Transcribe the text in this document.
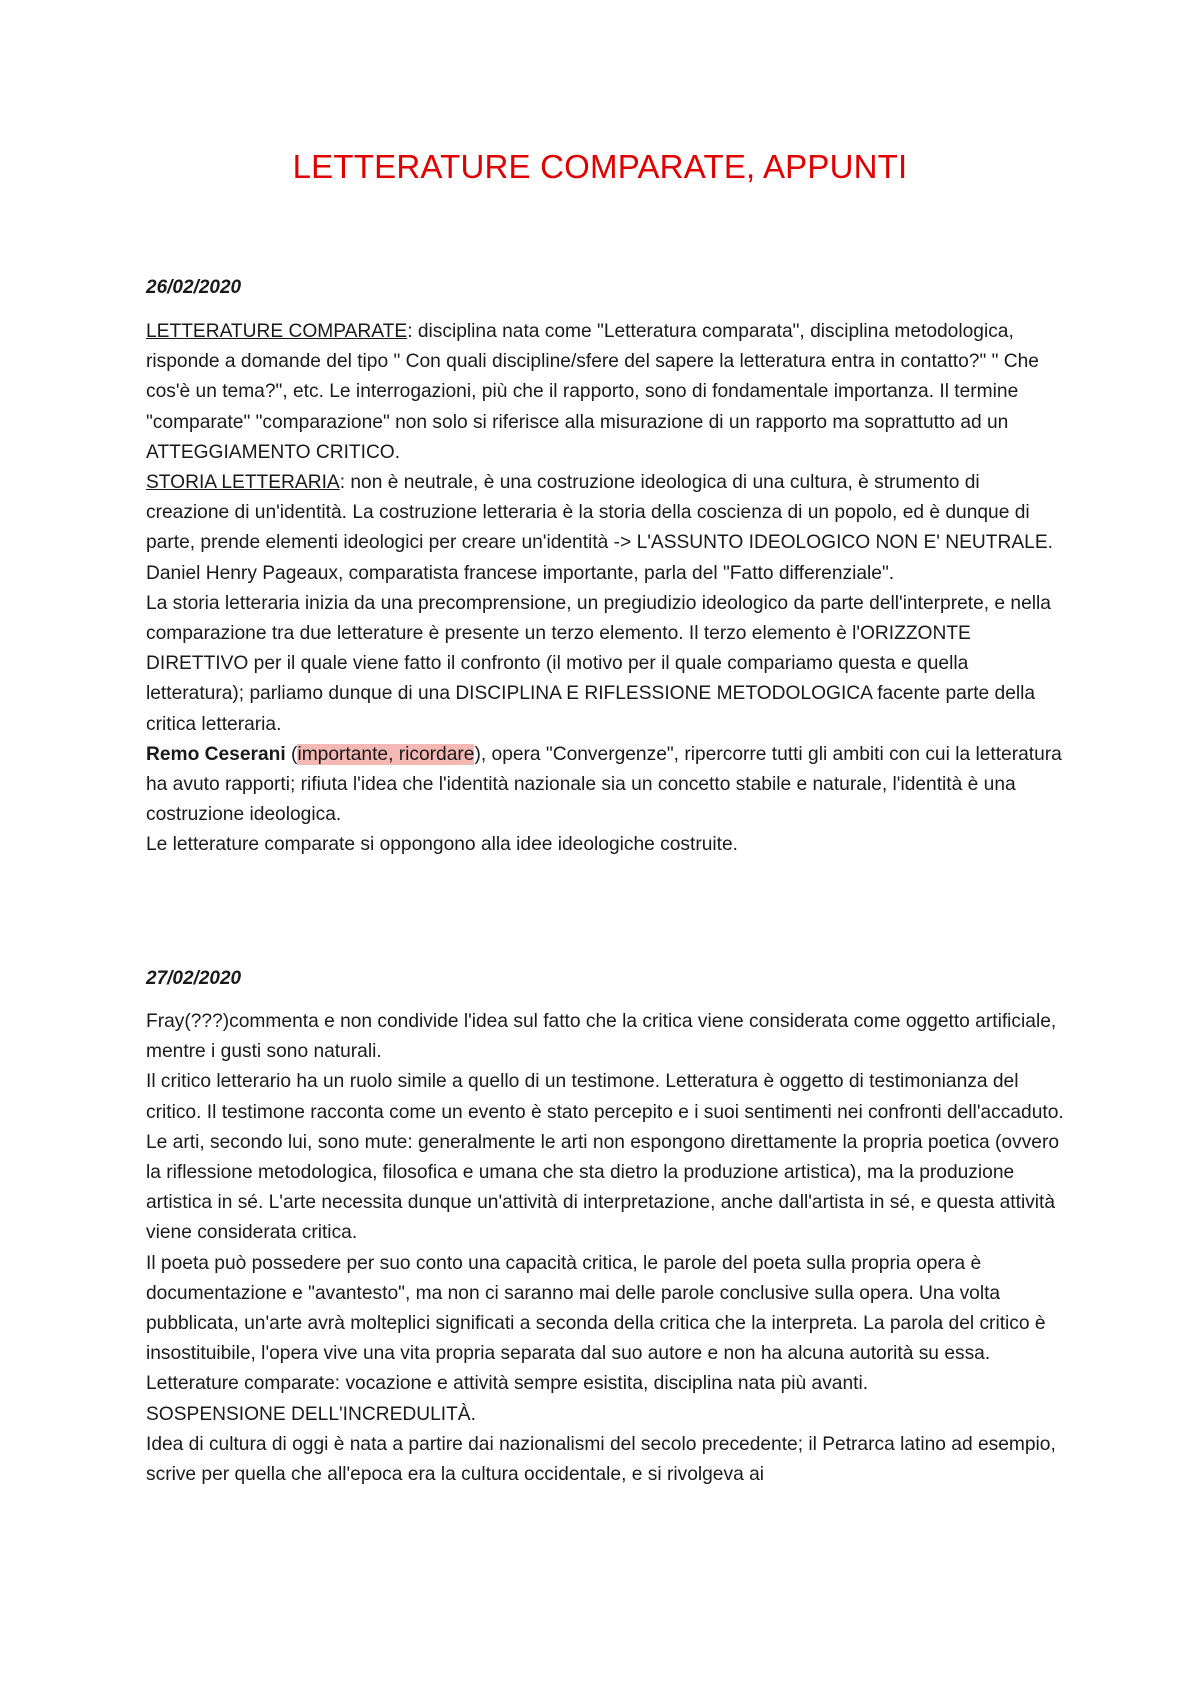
LETTERATURE COMPARATE, APPUNTI

26/02/2020

LETTERATURE COMPARATE: disciplina nata come "Letteratura comparata", disciplina metodologica, risponde a domande del tipo " Con quali discipline/sfere del sapere la letteratura entra in contatto?" " Che cos'è un tema?", etc. Le interrogazioni, più che il rapporto, sono di fondamentale importanza. Il termine "comparate" "comparazione" non solo si riferisce alla misurazione di un rapporto ma soprattutto ad un ATTEGGIAMENTO CRITICO.

STORIA LETTERARIA: non è neutrale, è una costruzione ideologica di una cultura, è strumento di creazione di un'identità. La costruzione letteraria è la storia della coscienza di un popolo, ed è dunque di parte, prende elementi ideologici per creare un'identità -> L'ASSUNTO IDEOLOGICO NON E' NEUTRALE.

Daniel Henry Pageaux, comparatista francese importante, parla del "Fatto differenziale".

La storia letteraria inizia da una precomprensione, un pregiudizio ideologico da parte dell'interprete, e nella comparazione tra due letterature è presente un terzo elemento. Il terzo elemento è l'ORIZZONTE DIRETTIVO per il quale viene fatto il confronto (il motivo per il quale compariamo questa e quella letteratura); parliamo dunque di una DISCIPLINA E RIFLESSIONE METODOLOGICA facente parte della critica letteraria.

Remo Ceserani (importante, ricordare), opera "Convergenze", ripercorre tutti gli ambiti con cui la letteratura ha avuto rapporti; rifiuta l'idea che l'identità nazionale sia un concetto stabile e naturale, l'identità è una costruzione ideologica.

Le letterature comparate si oppongono alla idee ideologiche costruite.

27/02/2020

Fray(???)commenta e non condivide l'idea sul fatto che la critica viene considerata come oggetto artificiale, mentre i gusti sono naturali.

Il critico letterario ha un ruolo simile a quello di un testimone. Letteratura è oggetto di testimonianza del critico. Il testimone racconta come un evento è stato percepito e i suoi sentimenti nei confronti dell'accaduto.

Le arti, secondo lui, sono mute: generalmente le arti non espongono direttamente la propria poetica (ovvero la riflessione metodologica, filosofica e umana che sta dietro la produzione artistica), ma la produzione artistica in sé. L'arte necessita dunque un'attività di interpretazione, anche dall'artista in sé, e questa attività viene considerata critica.

Il poeta può possedere per suo conto una capacità critica, le parole del poeta sulla propria opera è documentazione e "avantesto", ma non ci saranno mai delle parole conclusive sulla opera. Una volta pubblicata, un'arte avrà molteplici significati a seconda della critica che la interpreta. La parola del critico è insostituibile, l'opera vive una vita propria separata dal suo autore e non ha alcuna autorità su essa.

Letterature comparate: vocazione e attività sempre esistita, disciplina nata più avanti.

SOSPENSIONE DELL'INCREDULITÀ.

Idea di cultura di oggi è nata a partire dai nazionalismi del secolo precedente; il Petrarca latino ad esempio, scrive per quella che all'epoca era la cultura occidentale, e si rivolgeva ai
